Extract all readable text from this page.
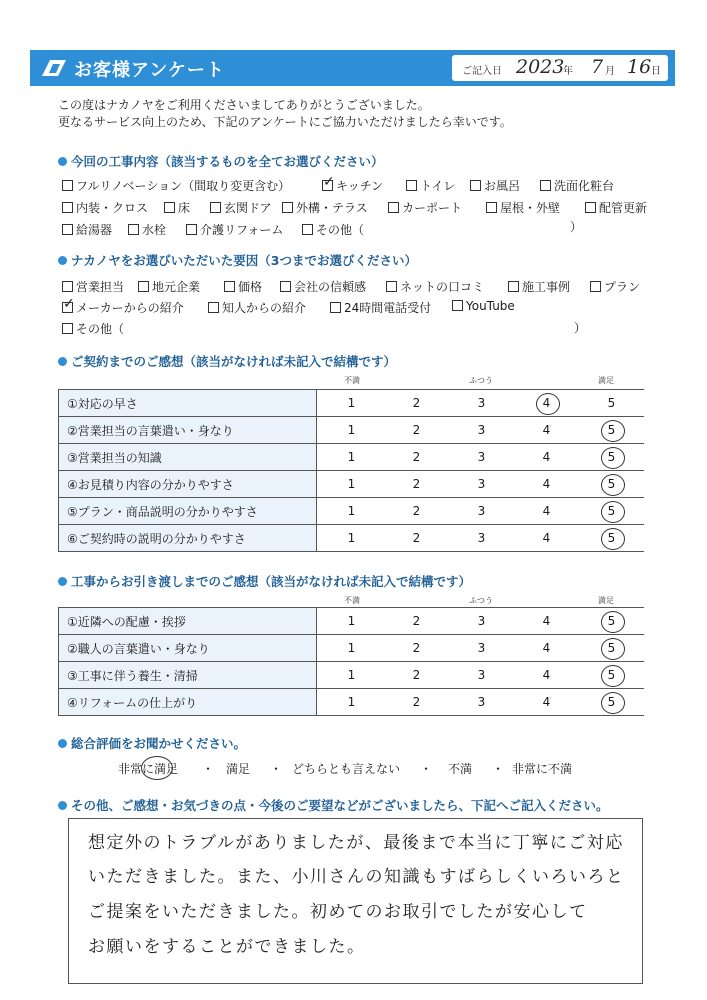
お客様アンケート	ご記入日 2023
年 7 月 16 日
この度はナカノヤをご利用くださいましてありがとうございました。
更なるサービス向上のため、下記のアンケートにご協力いただけましたら幸いです。
今回の工事内容（該当するものを全てお選びください）
フルリノベーション（間取り変更含む） ✓	キッチン	トイレ	お風呂	洗面化粧台
内装・クロス	床	玄関ドア	外構・テラス	カーポート	屋根・外壁	配管更新
給湯器	水栓	介護リフォーム	その他（	）
ナカノヤをお選びいただいた要因（3つまでお選びください）
営業担当	地元企業	価格	会社の信頼感	ネットの口コミ	施工事例	プラン
✓メーカーからの紹介	知人からの紹介	24時間電話受付	YouTube
その他（	）
ご契約までのご感想（該当がなければ未記入で結構です）
不満	ふつう	満足
①対応の早さ	1 2 3 4 5

②営業担当の言葉遣い・身なり	1 2 3 4 5

③営業担当の知識	1 2 3 4 5

④お見積り内容の分かりやすさ	1 2 3 4 5

⑤プラン・商品説明の分かりやすさ	1 2 3 4 5

⑥ご契約時の説明の分かりやすさ	1 2 3 4 5
工事からお引き渡しまでのご感想（該当がなければ未記入で結構です）
不満	ふつう	満足
①近隣への配慮・挨拶	1 2 3 4 5

②職人の言葉遣い・身なり	1 2 3 4 5

③工事に伴う養生・清掃	1 2 3 4 5

④リフォームの仕上がり	1 2 3 4 5
総合評価をお聞かせください。
非常に満足 ・ 満足 ・ どちらとも言えない ・ 不満 ・ 非常に不満
その他、ご感想・お気づきの点・今後のご要望などがございましたら、下記へご記入ください。
想定外のトラブルがありましたが、最後まで本当に丁寧にご対応
いただきました。また、小川さんの知識もすばらしくいろいろと
ご提案をいただきました。初めてのお取引でしたが安心して
お願いをすることができました。
